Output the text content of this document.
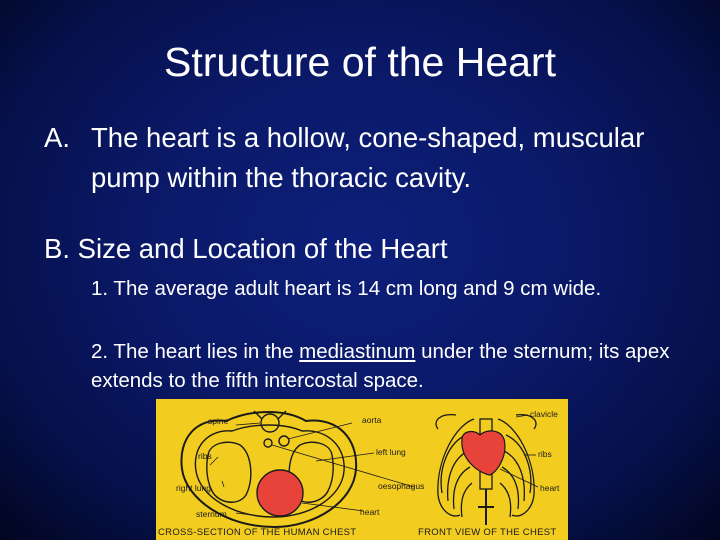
Structure of the Heart
A. The heart is a hollow, cone-shaped, muscular pump within the thoracic cavity.
B. Size and Location of the Heart
1. The average adult heart is 14 cm long and 9 cm wide.
2. The heart lies in the mediastinum under the sternum; its apex extends to the fifth intercostal space.
spine	aorta
ribs	left lung
right lung	oesophagus
sternum	heart
CROSS-SECTION OF THE HUMAN CHEST
clavicle
ribs
heart
FRONT VIEW OF THE CHEST
